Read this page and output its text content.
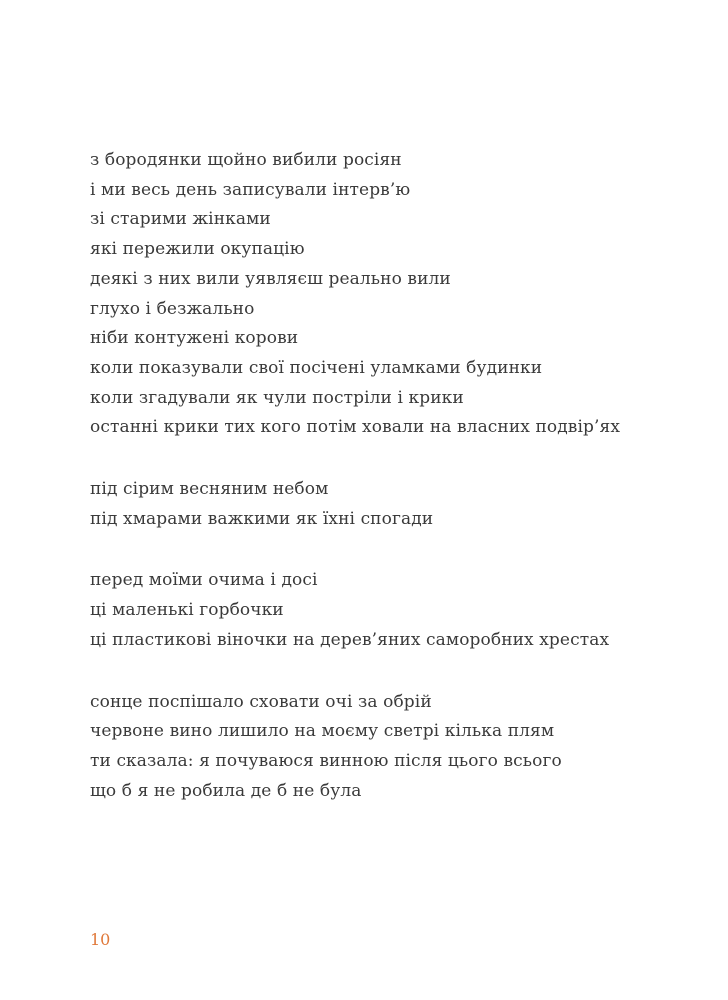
з бородянки щойно вибили росіян
і ми весь день записували інтерв’ю
зі старими жінками
які пережили окупацію
деякі з них вили уявляєш реально вили
глухо і безжально
ніби контужені корови
коли показували свої посічені уламками будинки
коли згадували як чули постріли і крики
останні крики тих кого потім ховали на власних подвір’ях
під сірим весняним небом
під хмарами важкими як їхні спогади
перед моїми очима і досі
ці маленькі горбочки
ці пластикові віночки на дерев’яних саморобних хрестах
сонце поспішало сховати очі за обрій
червоне вино лишило на моєму светрі кілька плям
ти сказала: я почуваюся винною після цього всього
що б я не робила де б не була
10
